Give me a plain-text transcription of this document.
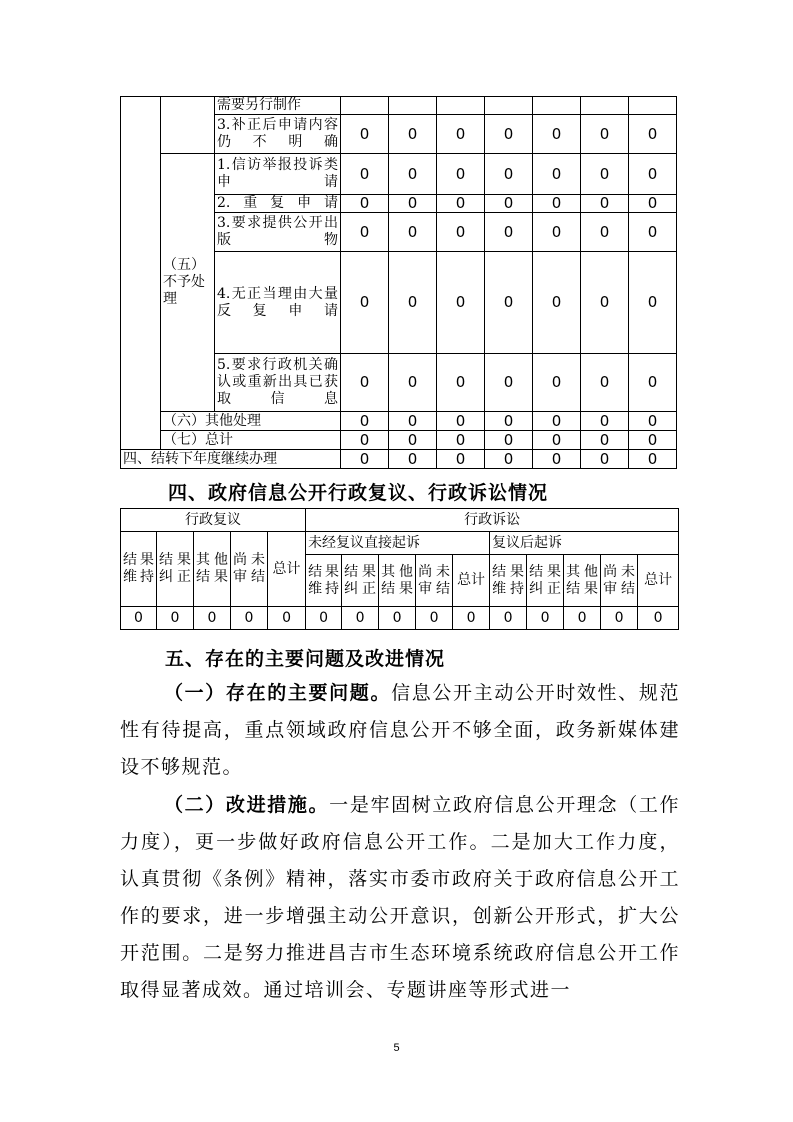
		需要另行制作							
		3.补正后申请内容仍不明确	0	0	0	0	0	0	0
	（五）不予处理	1.信访举报投诉类申请	0	0	0	0	0	0	0
		2.重复申请	0	0	0	0	0	0	0
		3.要求提供公开出版物	0	0	0	0	0	0	0
		4.无正当理由大量反复申请	0	0	0	0	0	0	0
		5.要求行政机关确认或重新出具已获取信息	0	0	0	0	0	0	0
	（六）其他处理		0	0	0	0	0	0	0
	（七）总计		0	0	0	0	0	0	0
四、结转下年度继续办理			0	0	0	0	0	0	0
四、政府信息公开行政复议、行政诉讼情况
行政复议					行政诉讼									
结果维持	结果纠正	其他结果	尚未审结	总计	未经复议直接起诉					复议后起诉				
					结果维持	结果纠正	其他结果	尚未审结	总计	结果维持	结果纠正	其他结果	尚未审结	总计
0	0	0	0	0	0	0	0	0	0	0	0	0	0	0
五、存在的主要问题及改进情况
（一）存在的主要问题。信息公开主动公开时效性、规范性有待提高，重点领域政府信息公开不够全面，政务新媒体建设不够规范。
（二）改进措施。一是牢固树立政府信息公开理念（工作力度），更一步做好政府信息公开工作。二是加大工作力度，认真贯彻《条例》精神，落实市委市政府关于政府信息公开工作的要求，进一步增强主动公开意识，创新公开形式，扩大公开范围。二是努力推进昌吉市生态环境系统政府信息公开工作取得显著成效。通过培训会、专题讲座等形式进一
5
